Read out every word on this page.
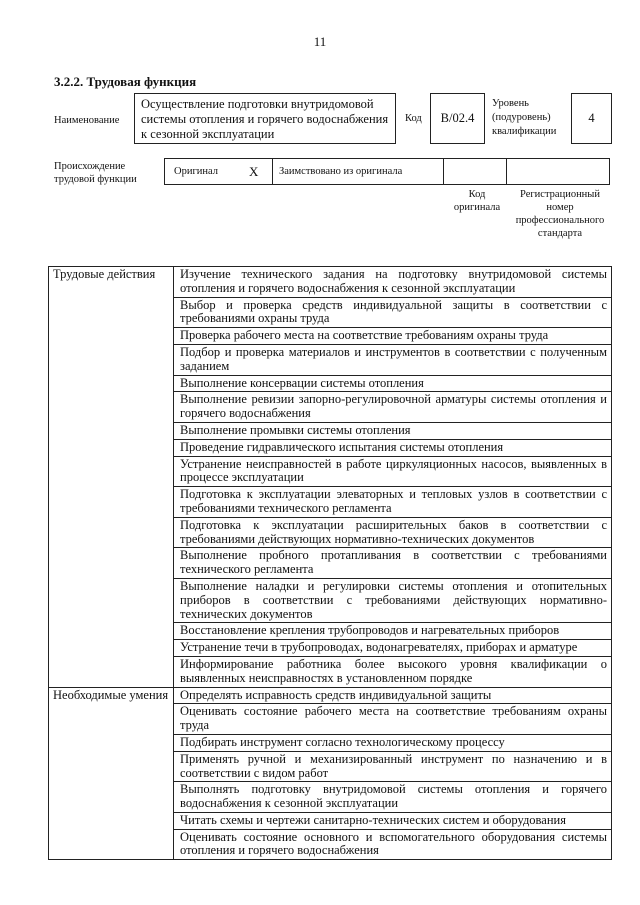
11
3.2.2. Трудовая функция
Наименование
Осуществление подготовки внутридомовой системы отопления и горячего водоснабжения к сезонной эксплуатации
Код	B/02.4
Уровень (подуровень) квалификации
4
Происхождение трудовой функции
Оригинал X Заимствовано из оригинала
Код оригинала
Регистрационный номер профессионального стандарта
Трудовые действия	Изучение технического задания на подготовку внутридомовой системы отопления и горячего водоснабжения к сезонной эксплуатации
	Выбор и проверка средств индивидуальной защиты в соответствии с требованиями охраны труда
	Проверка рабочего места на соответствие требованиям охраны труда
	Подбор и проверка материалов и инструментов в соответствии с полученным заданием
	Выполнение консервации системы отопления
	Выполнение ревизии запорно-регулировочной арматуры системы отопления и горячего водоснабжения
	Выполнение промывки системы отопления
	Проведение гидравлического испытания системы отопления
	Устранение неисправностей в работе циркуляционных насосов, выявленных в процессе эксплуатации
	Подготовка к эксплуатации элеваторных и тепловых узлов в соответствии с требованиями технического регламента
	Подготовка к эксплуатации расширительных баков в соответствии с требованиями действующих нормативно-технических документов
	Выполнение пробного протапливания в соответствии с требованиями технического регламента
	Выполнение наладки и регулировки системы отопления и отопительных приборов в соответствии с требованиями действующих нормативно-технических документов
	Восстановление крепления трубопроводов и нагревательных приборов
	Устранение течи в трубопроводах, водонагревателях, приборах и арматуре
	Информирование работника более высокого уровня квалификации о выявленных неисправностях в установленном порядке
Необходимые умения	Определять исправность средств индивидуальной защиты
	Оценивать состояние рабочего места на соответствие требованиям охраны труда
	Подбирать инструмент согласно технологическому процессу
	Применять ручной и механизированный инструмент по назначению и в соответствии с видом работ
	Выполнять подготовку внутридомовой системы отопления и горячего водоснабжения к сезонной эксплуатации
	Читать схемы и чертежи санитарно-технических систем и оборудования
	Оценивать состояние основного и вспомогательного оборудования системы отопления и горячего водоснабжения
